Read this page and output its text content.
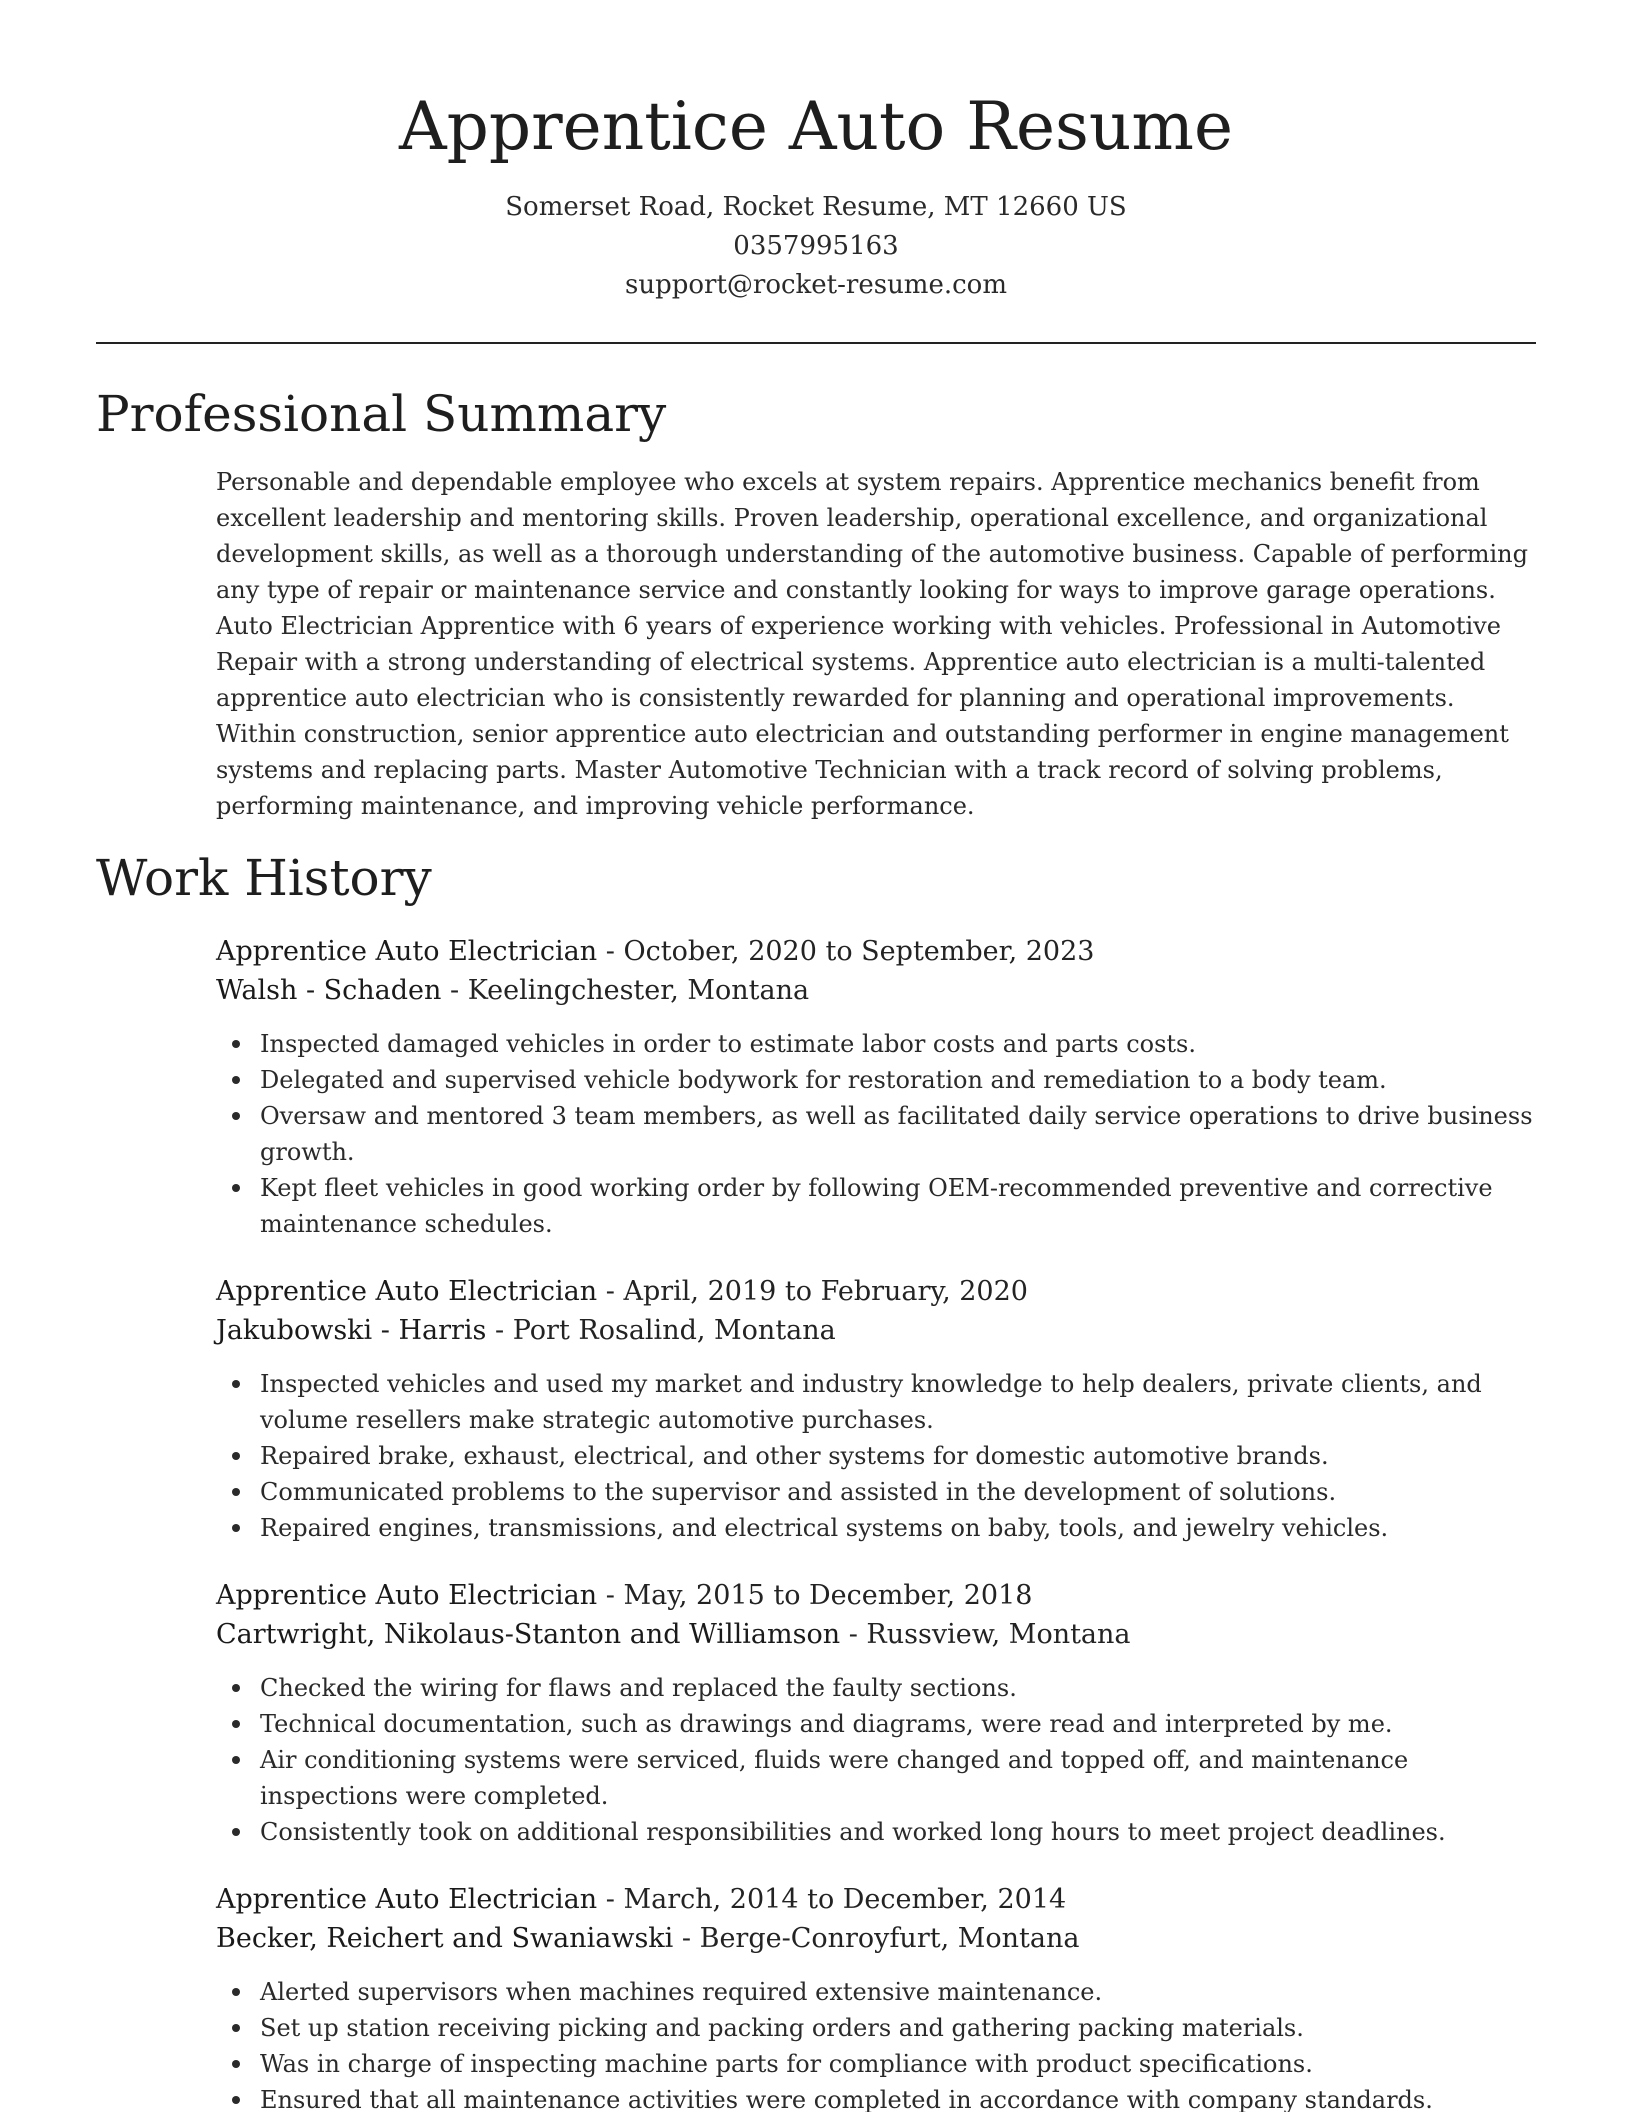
Apprentice Auto Resume
Somerset Road, Rocket Resume, MT 12660 US
0357995163
support@rocket-resume.com
Professional Summary

Personable and dependable employee who excels at system repairs. Apprentice mechanics benefit from excellent leadership and mentoring skills. Proven leadership, operational excellence, and organizational development skills, as well as a thorough understanding of the automotive business. Capable of performing any type of repair or maintenance service and constantly looking for ways to improve garage operations. Auto Electrician Apprentice with 6 years of experience working with vehicles. Professional in Automotive Repair with a strong understanding of electrical systems. Apprentice auto electrician is a multi-talented apprentice auto electrician who is consistently rewarded for planning and operational improvements. Within construction, senior apprentice auto electrician and outstanding performer in engine management systems and replacing parts. Master Automotive Technician with a track record of solving problems, performing maintenance, and improving vehicle performance.

Work History
Apprentice Auto Electrician - October, 2020 to September, 2023
Walsh - Schaden - Keelingchester, Montana
Inspected damaged vehicles in order to estimate labor costs and parts costs.
Delegated and supervised vehicle bodywork for restoration and remediation to a body team.
Oversaw and mentored 3 team members, as well as facilitated daily service operations to drive business growth.
Kept fleet vehicles in good working order by following OEM-recommended preventive and corrective maintenance schedules.
Apprentice Auto Electrician - April, 2019 to February, 2020
Jakubowski - Harris - Port Rosalind, Montana
Inspected vehicles and used my market and industry knowledge to help dealers, private clients, and volume resellers make strategic automotive purchases.
Repaired brake, exhaust, electrical, and other systems for domestic automotive brands.
Communicated problems to the supervisor and assisted in the development of solutions.
Repaired engines, transmissions, and electrical systems on baby, tools, and jewelry vehicles.
Apprentice Auto Electrician - May, 2015 to December, 2018
Cartwright, Nikolaus-Stanton and Williamson - Russview, Montana
Checked the wiring for flaws and replaced the faulty sections.
Technical documentation, such as drawings and diagrams, were read and interpreted by me.
Air conditioning systems were serviced, fluids were changed and topped off, and maintenance inspections were completed.
Consistently took on additional responsibilities and worked long hours to meet project deadlines.
Apprentice Auto Electrician - March, 2014 to December, 2014
Becker, Reichert and Swaniawski - Berge-Conroyfurt, Montana
Alerted supervisors when machines required extensive maintenance.
Set up station receiving picking and packing orders and gathering packing materials.
Was in charge of inspecting machine parts for compliance with product specifications.
Ensured that all maintenance activities were completed in accordance with company standards.
